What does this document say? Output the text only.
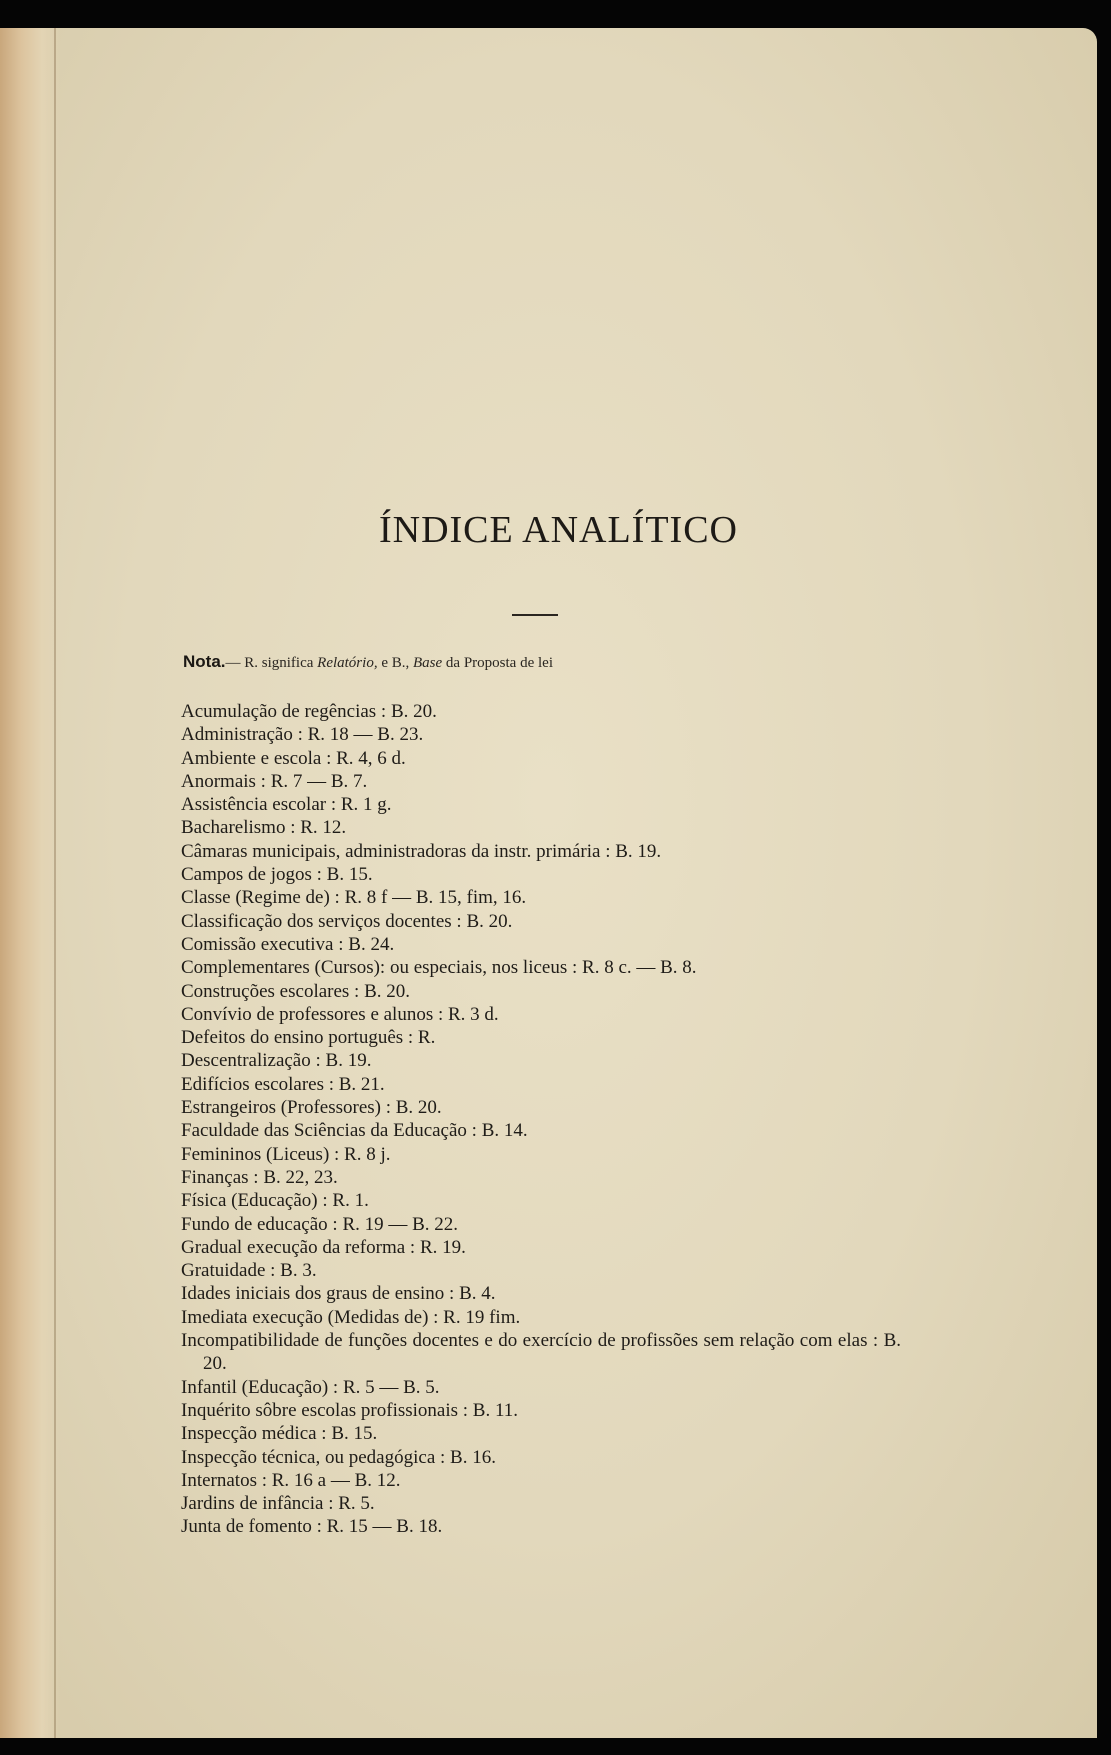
ÍNDICE ANALÍTICO
Nota.— R. significa Relatório, e B., Base da Proposta de lei
Acumulação de regências : B. 20.
Administração : R. 18 — B. 23.
Ambiente e escola : R. 4, 6 d.
Anormais : R. 7 — B. 7.
Assistência escolar : R. 1 g.
Bacharelismo : R. 12.
Câmaras municipais, administradoras da instr. primária : B. 19.
Campos de jogos : B. 15.
Classe (Regime de) : R. 8 f — B. 15, fim, 16.
Classificação dos serviços docentes : B. 20.
Comissão executiva : B. 24.
Complementares (Cursos): ou especiais, nos liceus : R. 8 c. — B. 8.
Construções escolares : B. 20.
Convívio de professores e alunos : R. 3 d.
Defeitos do ensino português : R.
Descentralização : B. 19.
Edifícios escolares : B. 21.
Estrangeiros (Professores) : B. 20.
Faculdade das Sciências da Educação : B. 14.
Femininos (Liceus) : R. 8 j.
Finanças : B. 22, 23.
Física (Educação) : R. 1.
Fundo de educação : R. 19 — B. 22.
Gradual execução da reforma : R. 19.
Gratuidade : B. 3.
Idades iniciais dos graus de ensino : B. 4.
Imediata execução (Medidas de) : R. 19 fim.
Incompatibilidade de funções docentes e do exercício de profissões sem relação com elas : B. 20.
Infantil (Educação) : R. 5 — B. 5.
Inquérito sôbre escolas profissionais : B. 11.
Inspecção médica : B. 15.
Inspecção técnica, ou pedagógica : B. 16.
Internatos : R. 16 a — B. 12.
Jardins de infância : R. 5.
Junta de fomento : R. 15 — B. 18.
